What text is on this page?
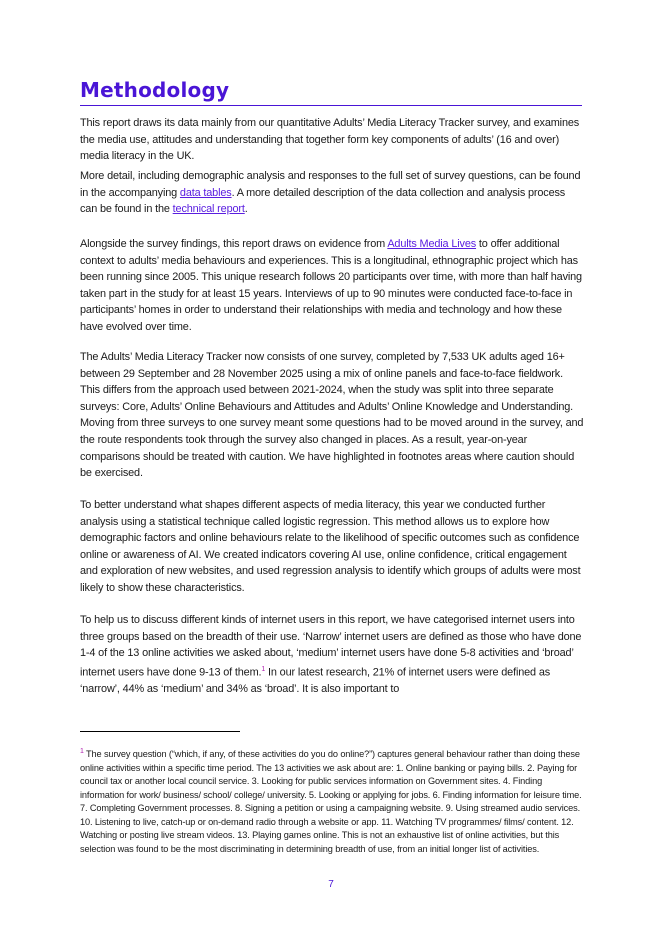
Methodology

This report draws its data mainly from our quantitative Adults’ Media Literacy Tracker survey, and examines the media use, attitudes and understanding that together form key components of adults’ (16 and over) media literacy in the UK.

More detail, including demographic analysis and responses to the full set of survey questions, can be found in the accompanying data tables. A more detailed description of the data collection and analysis process can be found in the technical report.

Alongside the survey findings, this report draws on evidence from Adults Media Lives to offer additional context to adults’ media behaviours and experiences. This is a longitudinal, ethnographic project which has been running since 2005. This unique research follows 20 participants over time, with more than half having taken part in the study for at least 15 years. Interviews of up to 90 minutes were conducted face-to-face in participants’ homes in order to understand their relationships with media and technology and how these have evolved over time.

The Adults’ Media Literacy Tracker now consists of one survey, completed by 7,533 UK adults aged 16+ between 29 September and 28 November 2025 using a mix of online panels and face-to-face fieldwork. This differs from the approach used between 2021-2024, when the study was split into three separate surveys: Core, Adults’ Online Behaviours and Attitudes and Adults’ Online Knowledge and Understanding. Moving from three surveys to one survey meant some questions had to be moved around in the survey, and the route respondents took through the survey also changed in places. As a result, year-on-year comparisons should be treated with caution. We have highlighted in footnotes areas where caution should be exercised.

To better understand what shapes different aspects of media literacy, this year we conducted further analysis using a statistical technique called logistic regression. This method allows us to explore how demographic factors and online behaviours relate to the likelihood of specific outcomes such as confidence online or awareness of AI. We created indicators covering AI use, online confidence, critical engagement and exploration of new websites, and used regression analysis to identify which groups of adults were most likely to show these characteristics.

To help us to discuss different kinds of internet users in this report, we have categorised internet users into three groups based on the breadth of their use. ‘Narrow’ internet users are defined as those who have done 1-4 of the 13 online activities we asked about, ‘medium’ internet users have done 5-8 activities and ‘broad’ internet users have done 9-13 of them.$^1$ In our latest research, 21% of internet users were defined as ‘narrow’, 44% as ‘medium’ and 34% as ‘broad’. It is also important to

$^1$ The survey question (“which, if any, of these activities do you do online?”) captures general behaviour rather than doing these online activities within a specific time period. The 13 activities we ask about are: 1. Online banking or paying bills. 2. Paying for council tax or another local council service. 3. Looking for public services information on Government sites. 4. Finding information for work/ business/ school/ college/ university. 5. Looking or applying for jobs. 6. Finding information for leisure time. 7. Completing Government processes. 8. Signing a petition or using a campaigning website. 9. Using streamed audio services. 10. Listening to live, catch-up or on-demand radio through a website or app. 11. Watching TV programmes/ films/ content. 12. Watching or posting live stream videos. 13. Playing games online. This is not an exhaustive list of online activities, but this selection was found to be the most discriminating in determining breadth of use, from an initial longer list of activities.
7
